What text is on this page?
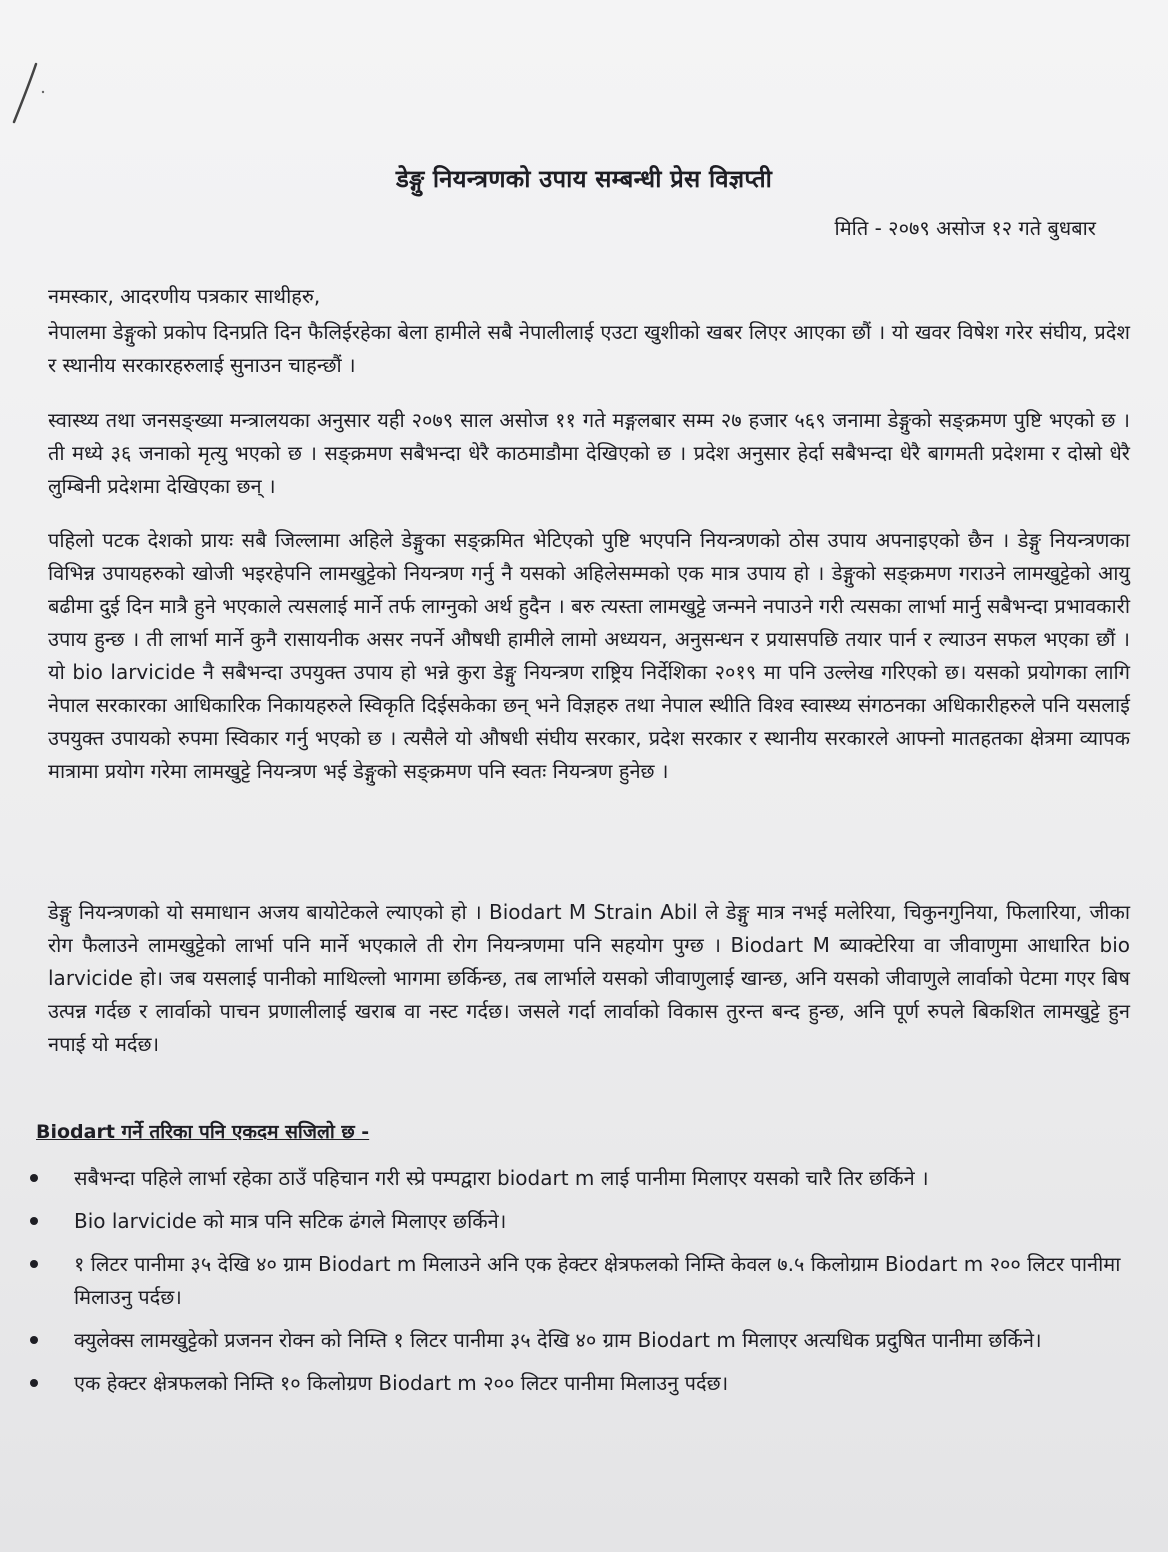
डेङ्गु नियन्त्रणको उपाय सम्बन्धी प्रेस विज्ञप्ती
मिति - २०७९ असोज १२ गते बुधबार
नमस्कार, आदरणीय पत्रकार साथीहरु,
नेपालमा डेङ्गुको प्रकोप दिनप्रति दिन फैलिईरहेका बेला हामीले सबै नेपालीलाई एउटा खुशीको खबर लिएर आएका छौं । यो खवर विषेश गरेर संघीय, प्रदेश र स्थानीय सरकारहरुलाई सुनाउन चाहन्छौं ।
स्वास्थ्य तथा जनसङ्ख्या मन्त्रालयका अनुसार यही २०७९ साल असोज ११ गते मङ्गलबार सम्म २७ हजार ५६९ जनामा डेङ्गुको सङ्क्रमण पुष्टि भएको छ । ती मध्ये ३६ जनाको मृत्यु भएको छ । सङ्क्रमण सबैभन्दा धेरै काठमाडौमा देखिएको छ । प्रदेश अनुसार हेर्दा सबैभन्दा धेरै बागमती प्रदेशमा र दोस्रो धेरै लुम्बिनी प्रदेशमा देखिएका छन् ।
पहिलो पटक देशको प्रायः सबै जिल्लामा अहिले डेङ्गुका सङ्क्रमित भेटिएको पुष्टि भएपनि नियन्त्रणको ठोस उपाय अपनाइएको छैन । डेङ्गु नियन्त्रणका विभिन्न उपायहरुको खोजी भइरहेपनि लामखुट्टेको नियन्त्रण गर्नु नै यसको अहिलेसम्मको एक मात्र उपाय हो । डेङ्गुको सङ्क्रमण गराउने लामखुट्टेको आयु बढीमा दुई दिन मात्रै हुने भएकाले त्यसलाई मार्ने तर्फ लाग्नुको अर्थ हुदैन । बरु त्यस्ता लामखुट्टे जन्मने नपाउने गरी त्यसका लार्भा मार्नु सबैभन्दा प्रभावकारी उपाय हुन्छ । ती लार्भा मार्ने कुनै रासायनीक असर नपर्ने औषधी हामीले लामो अध्ययन, अनुसन्धन र प्रयासपछि तयार पार्न र ल्याउन सफल भएका छौं । यो bio larvicide नै सबैभन्दा उपयुक्त उपाय हो भन्ने कुरा डेङ्गु नियन्त्रण राष्ट्रिय निर्देशिका २०१९ मा पनि उल्लेख गरिएको छ। यसको प्रयोगका लागि नेपाल सरकारका आधिकारिक निकायहरुले स्विकृति दिईसकेका छन् भने विज्ञहरु तथा नेपाल स्थीति विश्व स्वास्थ्य संगठनका अधिकारीहरुले पनि यसलाई उपयुक्त उपायको रुपमा स्विकार गर्नु भएको छ । त्यसैले यो औषधी संघीय सरकार, प्रदेश सरकार र स्थानीय सरकारले आफ्नो मातहतका क्षेत्रमा व्यापक मात्रामा प्रयोग गरेमा लामखुट्टे नियन्त्रण भई डेङ्गुको सङ्क्रमण पनि स्वतः नियन्त्रण हुनेछ ।
डेङ्गु नियन्त्रणको यो समाधान अजय बायोटेकले ल्याएको हो । Biodart M Strain Abil ले डेङ्गु मात्र नभई मलेरिया, चिकुनगुनिया, फिलारिया, जीका रोग फैलाउने लामखुट्टेको लार्भा पनि मार्ने भएकाले ती रोग नियन्त्रणमा पनि सहयोग पुग्छ । Biodart M ब्याक्टेरिया वा जीवाणुमा आधारित bio larvicide हो। जब यसलाई पानीको माथिल्लो भागमा छर्किन्छ, तब लार्भाले यसको जीवाणुलाई खान्छ, अनि यसको जीवाणुले लार्वाको पेटमा गएर बिष उत्पन्न गर्दछ र लार्वाको पाचन प्रणालीलाई खराब वा नस्ट गर्दछ। जसले गर्दा लार्वाको विकास तुरन्त बन्द हुन्छ, अनि पूर्ण रुपले बिकशित लामखुट्टे हुन नपाई यो मर्दछ।
Biodart गर्ने तरिका पनि एकदम सजिलो छ -
सबैभन्दा पहिले लार्भा रहेका ठाउँ पहिचान गरी स्प्रे पम्पद्वारा biodart m लाई पानीमा मिलाएर यसको चारै तिर छर्किने ।
Bio larvicide को मात्र पनि सटिक ढंगले मिलाएर छर्किने।
१ लिटर पानीमा ३५ देखि ४० ग्राम Biodart m मिलाउने अनि एक हेक्टर क्षेत्रफलको निम्ति केवल ७.५ किलोग्राम Biodart m २०० लिटर पानीमा मिलाउनु पर्दछ।
क्युलेक्स लामखुट्टेको प्रजनन रोक्न को निम्ति १ लिटर पानीमा ३५ देखि ४० ग्राम Biodart m मिलाएर अत्यधिक प्रदुषित पानीमा छर्किने।
एक हेक्टर क्षेत्रफलको निम्ति १० किलोग्रण Biodart m २०० लिटर पानीमा मिलाउनु पर्दछ।
